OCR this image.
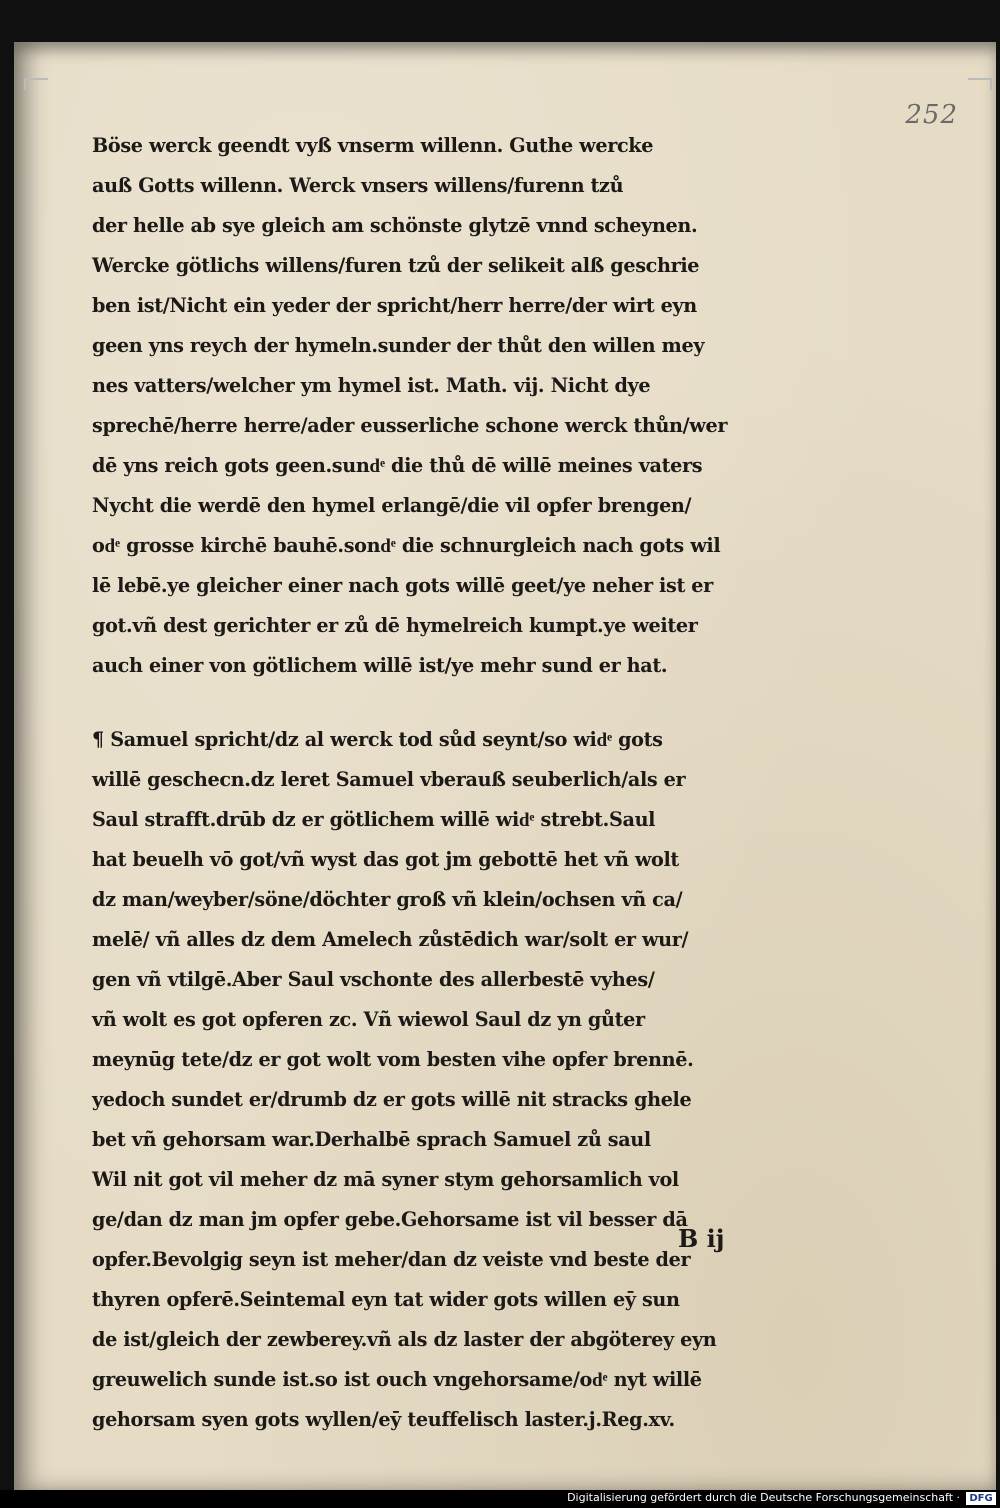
252
Böse werck geendt vyß vnserm willenn. Guthe wercke
auß Gotts willenn. Werck vnsers willens/furenn tzů
der helle ab sye gleich am schönste glytzē vnnd scheynen.
Wercke götlichs willens/furen tzů der selikeit alß geschrie
ben ist/Nicht ein yeder der spricht/herr herre/der wirt eyn
geen yns reych der hymeln.sunder der thůt den willen mey
nes vatters/welcher ym hymel ist. Math. vij. Nicht dye
sprechē/herre herre/ader eusserliche schone werck thůn/wer
dē yns reich gots geen.sundͤ die thů dē willē meines vaters
Nycht die werdē den hymel erlangē/die vil opfer brengen/
odͤ grosse kirchē bauhē.sondͤ die schnurgleich nach gots wil
lē lebē.ye gleicher einer nach gots willē geet/ye neher ist er
got.vñ dest gerichter er zů dē hymelreich kumpt.ye weiter
auch einer von götlichem willē ist/ye mehr sund er hat.
¶ Samuel spricht/dz al werck tod sůd seynt/so widͤ gots
willē geschecn.dz leret Samuel vberauß seuberlich/als er
Saul strafft.drūb dz er götlichem willē widͤ strebt.Saul
hat beuelh vō got/vñ wyst das got jm gebottē het vñ wolt
dz man/weyber/söne/döchter groß vñ klein/ochsen vñ ca/
melē/ vñ alles dz dem Amelech zůstēdich war/solt er wur/
gen vñ vtilgē.Aber Saul vschonte des allerbestē vyhes/
vñ wolt es got opferen zc. Vñ wiewol Saul dz yn gůter
meynūg tete/dz er got wolt vom besten vihe opfer brennē.
yedoch sundet er/drumb dz er gots willē nit stracks ghele
bet vñ gehorsam war.Derhalbē sprach Samuel zů saul
Wil nit got vil meher dz mā syner stym gehorsamlich vol
ge/dan dz man jm opfer gebe.Gehorsame ist vil besser dā
opfer.Bevolgig seyn ist meher/dan dz veiste vnd beste der
thyren opferē.Seintemal eyn tat wider gots willen eȳ sun
de ist/gleich der zewberey.vñ als dz laster der abgöterey eyn
greuwelich sunde ist.so ist ouch vngehorsame/odͤ nyt willē
gehorsam syen gots wyllen/eȳ teuffelisch laster.j.Reg.xv.
B ij
Digitalisierung gefördert durch die Deutsche Forschungsgemeinschaft · DFG
